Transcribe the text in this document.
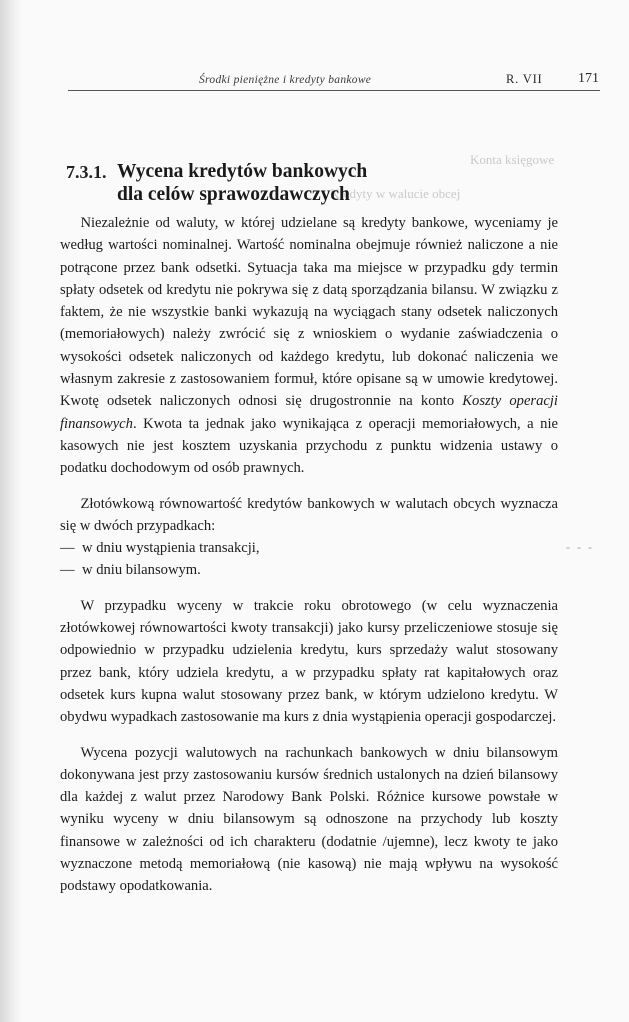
Konta księgowe
Kredyty w walucie obcej
Środki pieniężne i kredyty bankowe	R. VII	171
7.3.1. Wycena kredytów bankowych
dla celów sprawozdawczych

Niezależnie od waluty, w której udzielane są kredyty bankowe, wyceniamy je według wartości nominalnej. Wartość nominalna obejmuje również naliczone a nie potrącone przez bank odsetki. Sytuacja taka ma miejsce w przypadku gdy termin spłaty odsetek od kredytu nie pokrywa się z datą sporządzania bilansu. W związku z faktem, że nie wszystkie banki wykazują na wyciągach stany odsetek naliczonych (memoriałowych) należy zwrócić się z wnioskiem o wydanie zaświadczenia o wysokości odsetek naliczonych od każdego kredytu, lub dokonać naliczenia we własnym zakresie z zastosowaniem formuł, które opisane są w umowie kredytowej. Kwotę odsetek naliczonych odnosi się drugostronnie na konto Koszty operacji finansowych. Kwota ta jednak jako wynikająca z operacji memoriałowych, a nie kasowych nie jest kosztem uzyskania przychodu z punktu widzenia ustawy o podatku dochodowym od osób prawnych.

Złotówkową równowartość kredytów bankowych w walutach obcych wyznacza się w dwóch przypadkach:

— w dniu wystąpienia transakcji,
— w dniu bilansowym.

W przypadku wyceny w trakcie roku obrotowego (w celu wyznaczenia złotówkowej równowartości kwoty transakcji) jako kursy przeliczeniowe stosuje się odpowiednio w przypadku udzielenia kredytu, kurs sprzedaży walut stosowany przez bank, który udziela kredytu, a w przypadku spłaty rat kapitałowych oraz odsetek kurs kupna walut stosowany przez bank, w którym udzielono kredytu. W obydwu wypadkach zastosowanie ma kurs z dnia wystąpienia operacji gospodarczej.

Wycena pozycji walutowych na rachunkach bankowych w dniu bilansowym dokonywana jest przy zastosowaniu kursów średnich ustalonych na dzień bilansowy dla każdej z walut przez Narodowy Bank Polski. Różnice kursowe powstałe w wyniku wyceny w dniu bilansowym są odnoszone na przychody lub koszty finansowe w zależności od ich charakteru (dodatnie /ujemne), lecz kwoty te jako wyznaczone metodą memoriałową (nie kasową) nie mają wpływu na wysokość podstawy opodatkowania.

- - -
